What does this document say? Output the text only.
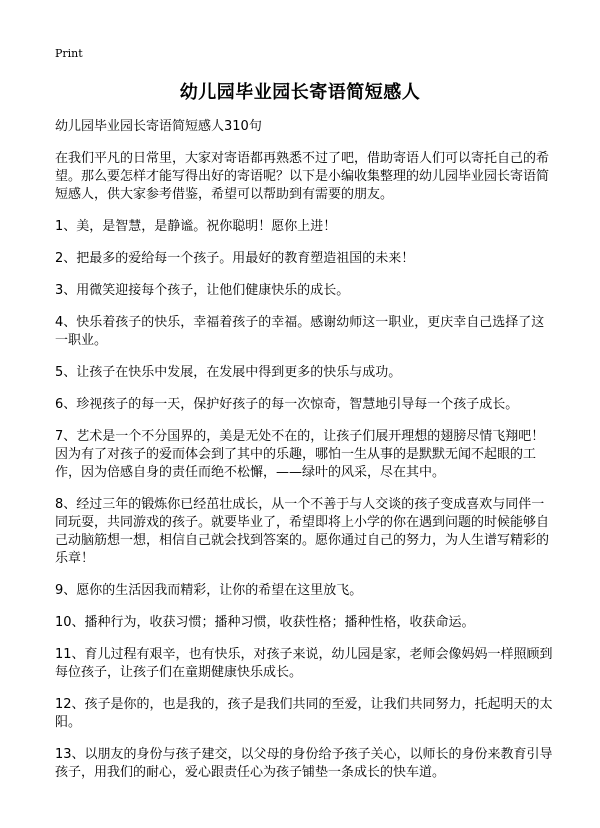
Print
幼儿园毕业园长寄语简短感人

幼儿园毕业园长寄语简短感人310句

在我们平凡的日常里，大家对寄语都再熟悉不过了吧，借助寄语人们可以寄托自己的希望。那么要怎样才能写得出好的寄语呢？以下是小编收集整理的幼儿园毕业园长寄语简短感人，供大家参考借鉴，希望可以帮助到有需要的朋友。

1、美，是智慧，是静谧。祝你聪明！愿你上进！

2、把最多的爱给每一个孩子。用最好的教育塑造祖国的未来！

3、用微笑迎接每个孩子，让他们健康快乐的成长。

4、快乐着孩子的快乐，幸福着孩子的幸福。感谢幼师这一职业，更庆幸自己选择了这一职业。

5、让孩子在快乐中发展，在发展中得到更多的快乐与成功。

6、珍视孩子的每一天，保护好孩子的每一次惊奇，智慧地引导每一个孩子成长。

7、艺术是一个不分国界的，美是无处不在的，让孩子们展开理想的翅膀尽情飞翔吧！因为有了对孩子的爱而体会到了其中的乐趣，哪怕一生从事的是默默无闻不起眼的工作，因为倍感自身的责任而绝不松懈，——绿叶的风采，尽在其中。

8、经过三年的锻炼你已经茁壮成长，从一个不善于与人交谈的孩子变成喜欢与同伴一同玩耍，共同游戏的孩子。就要毕业了，希望即将上小学的你在遇到问题的时候能够自己动脑筋想一想，相信自己就会找到答案的。愿你通过自己的努力，为人生谱写精彩的乐章！

9、愿你的生活因我而精彩，让你的希望在这里放飞。

10、播种行为，收获习惯；播种习惯，收获性格；播种性格，收获命运。

11、育儿过程有艰辛，也有快乐，对孩子来说，幼儿园是家，老师会像妈妈一样照顾到每位孩子，让孩子们在童期健康快乐成长。

12、孩子是你的，也是我的，孩子是我们共同的至爱，让我们共同努力，托起明天的太阳。

13、以朋友的身份与孩子建交，以父母的身份给予孩子关心，以师长的身份来教育引导孩子，用我们的耐心，爱心跟责任心为孩子铺垫一条成长的快车道。
